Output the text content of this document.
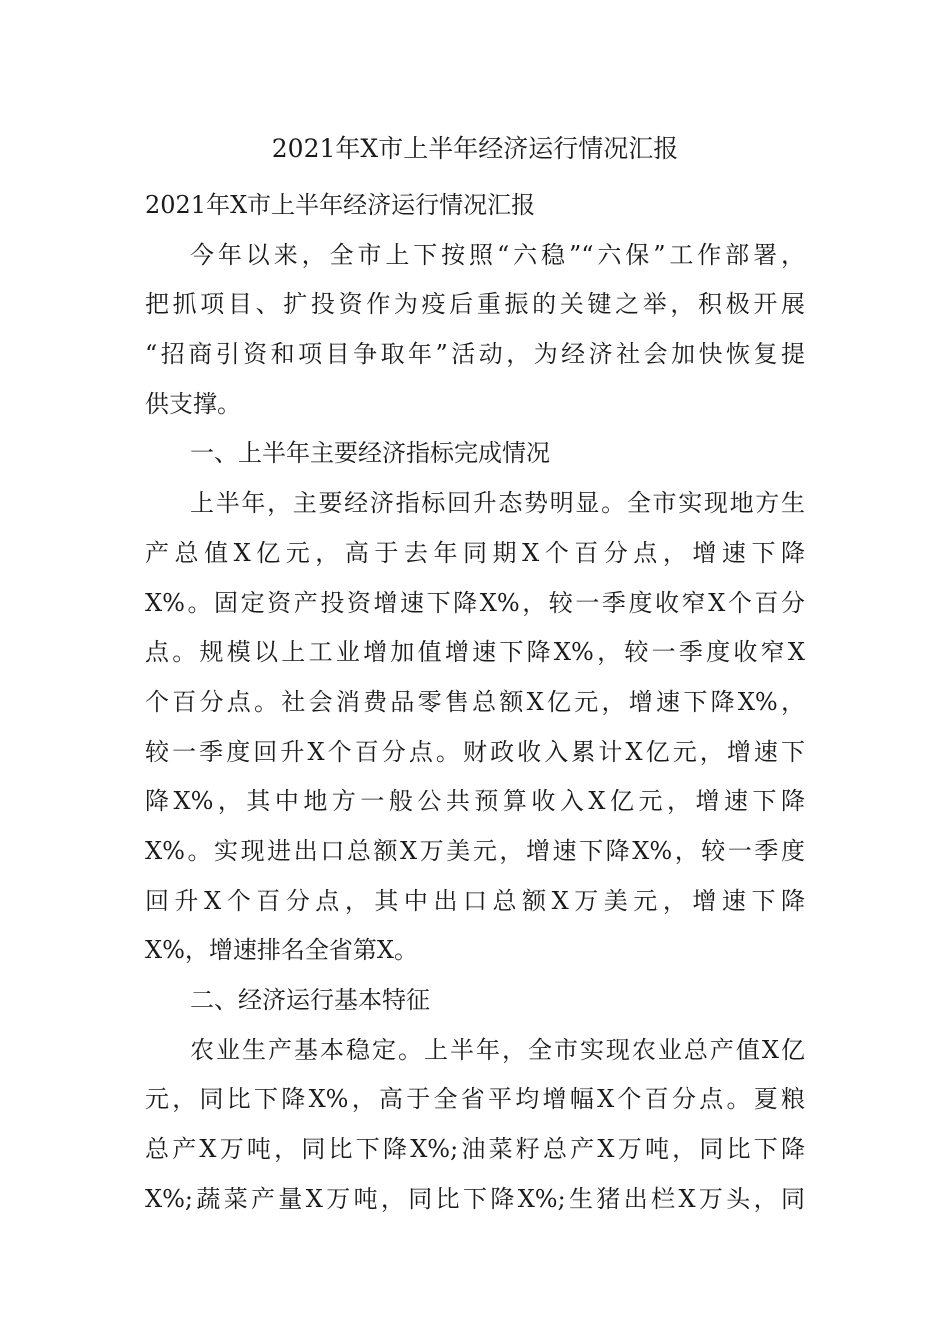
2021年X市上半年经济运行情况汇报

2021年X市上半年经济运行情况汇报

今年以来，全市上下按照“六稳”“六保”工作部署，

把抓项目、扩投资作为疫后重振的关键之举，积极开展

“招商引资和项目争取年”活动，为经济社会加快恢复提

供支撑。

一、上半年主要经济指标完成情况

上半年，主要经济指标回升态势明显。全市实现地方生

产总值X亿元，高于去年同期X个百分点，增速下降

X%。固定资产投资增速下降X%，较一季度收窄X个百分

点。规模以上工业增加值增速下降X%，较一季度收窄X

个百分点。社会消费品零售总额X亿元，增速下降X%，

较一季度回升X个百分点。财政收入累计X亿元，增速下

降X%，其中地方一般公共预算收入X亿元，增速下降

X%。实现进出口总额X万美元，增速下降X%，较一季度

回升X个百分点，其中出口总额X万美元，增速下降

X%，增速排名全省第X。

二、经济运行基本特征

农业生产基本稳定。上半年，全市实现农业总产值X亿

元，同比下降X%，高于全省平均增幅X个百分点。夏粮

总产X万吨，同比下降X%;油菜籽总产X万吨，同比下降

X%;蔬菜产量X万吨，同比下降X%;生猪出栏X万头，同
